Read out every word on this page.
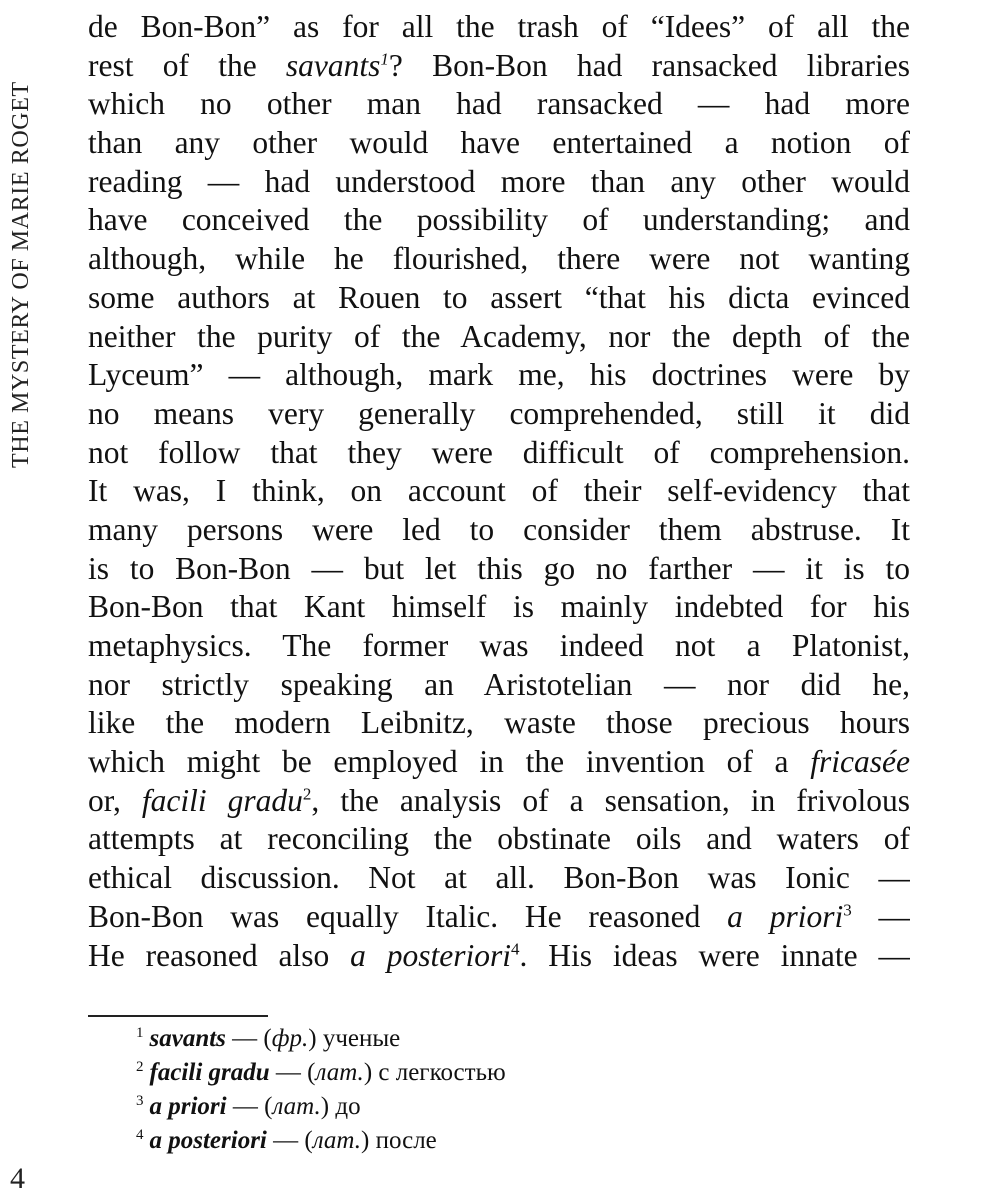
THE MYSTERY OF MARIE ROGET
de Bon-Bon” as for all the trash of “Idees” of all the
rest of the savants$^1$? Bon-Bon had ransacked libraries
which no other man had ransacked — had more
than any other would have entertained a notion of
reading — had understood more than any other would
have conceived the possibility of understanding; and
although, while he flourished, there were not wanting
some authors at Rouen to assert “that his dicta evinced
neither the purity of the Academy, nor the depth of the
Lyceum” — although, mark me, his doctrines were by
no means very generally comprehended, still it did
not follow that they were difficult of comprehension.
It was, I think, on account of their self-evidency that
many persons were led to consider them abstruse. It
is to Bon-Bon — but let this go no farther — it is to
Bon-Bon that Kant himself is mainly indebted for his
metaphysics. The former was indeed not a Platonist,
nor strictly speaking an Aristotelian — nor did he,
like the modern Leibnitz, waste those precious hours
which might be employed in the invention of a fricasée
or, facili gradu$^2$, the analysis of a sensation, in frivolous
attempts at reconciling the obstinate oils and waters of
ethical discussion. Not at all. Bon-Bon was Ionic —
Bon-Bon was equally Italic. He reasoned a priori$^3$ —
He reasoned also a posteriori$^4$. His ideas were innate —
$^1$ savants — (фр.) ученые
$^2$ facili gradu — (лат.) с легкостью
$^3$ a priori — (лат.) до
$^4$ a posteriori — (лат.) после
4
